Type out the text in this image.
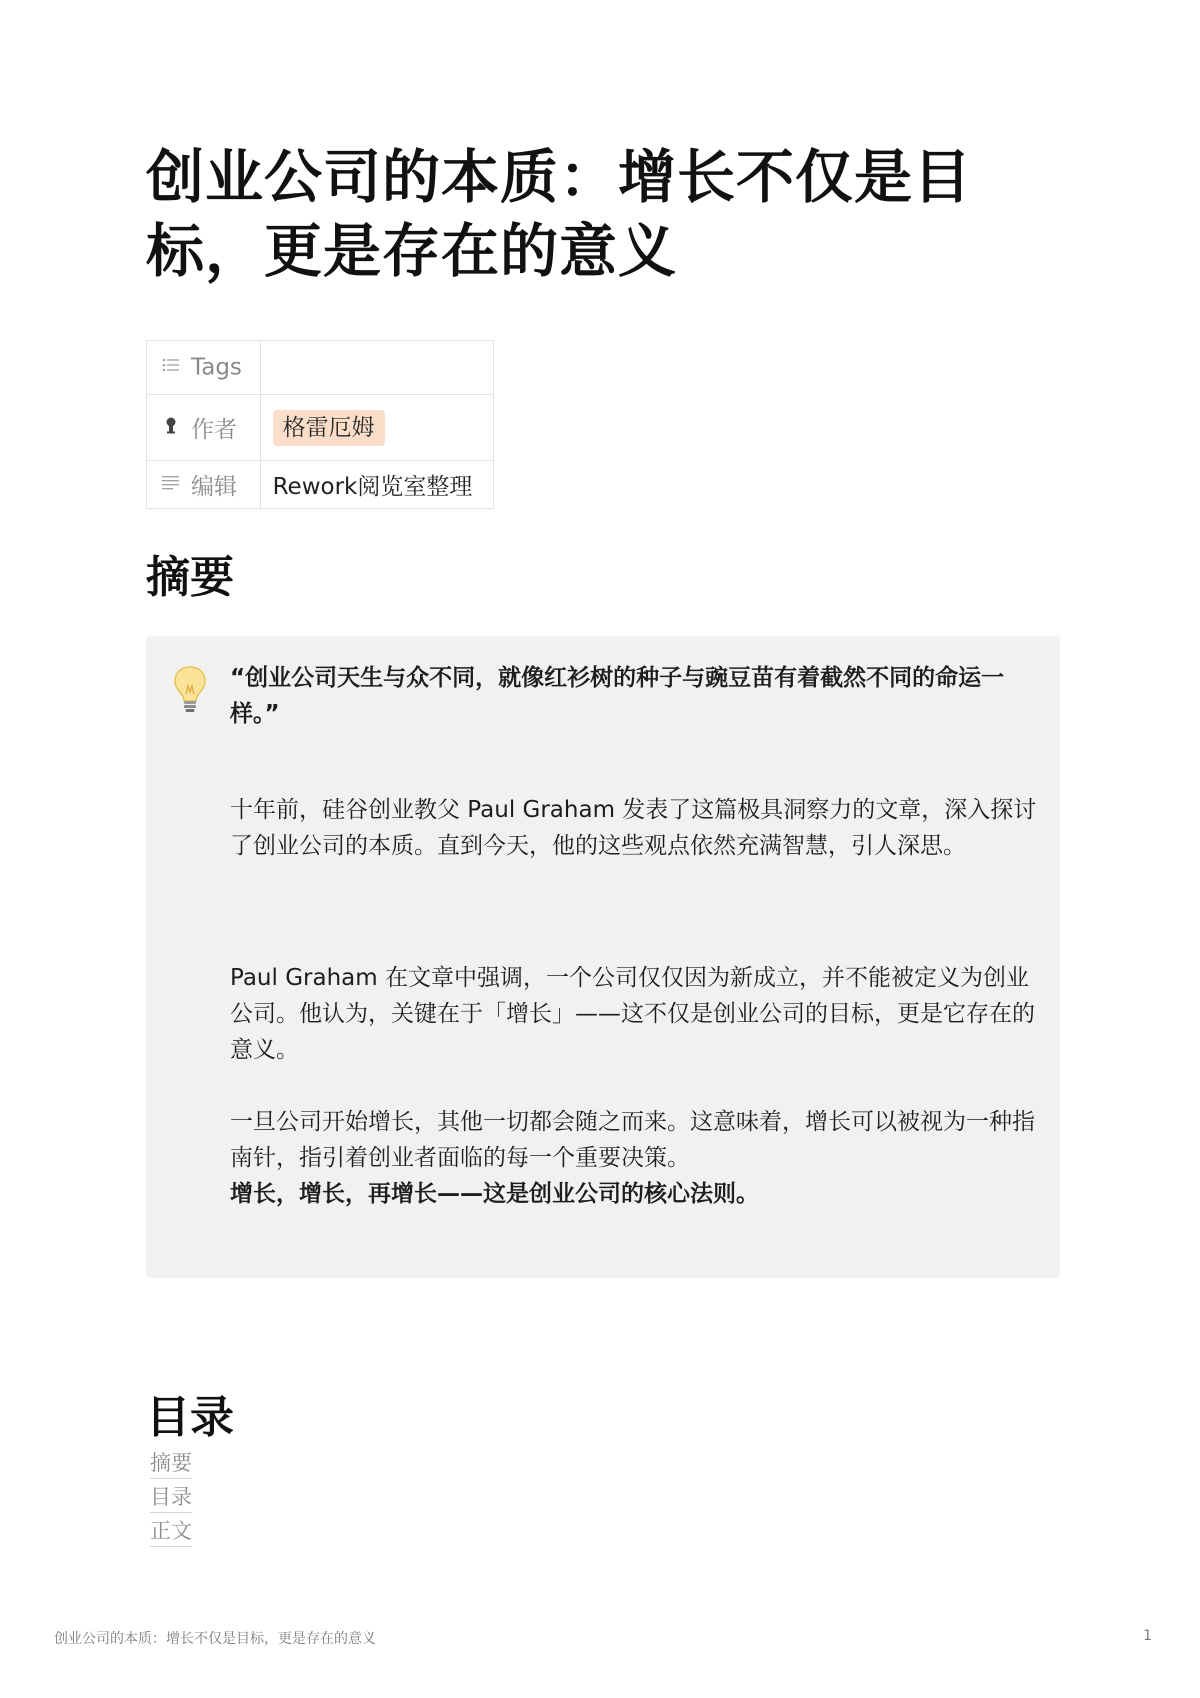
创业公司的本质：增长不仅是目标，更是存在的意义
Tags	
作者	格雷厄姆
编辑	Rework阅览室整理
摘要

“创业公司天生与众不同，就像红衫树的种子与豌豆苗有着截然不同的命运一样。”

十年前，硅谷创业教父 Paul Graham 发表了这篇极具洞察力的文章，深入探讨了创业公司的本质。直到今天，他的这些观点依然充满智慧，引人深思。

Paul Graham 在文章中强调，一个公司仅仅因为新成立，并不能被定义为创业公司。他认为，关键在于「增长」——这不仅是创业公司的目标，更是它存在的意义。

一旦公司开始增长，其他一切都会随之而来。这意味着，增长可以被视为一种指南针，指引着创业者面临的每一个重要决策。

增长，增长，再增长——这是创业公司的核心法则。

目录
摘要
目录
正文
创业公司的本质：增长不仅是目标，更是存在的意义	1
